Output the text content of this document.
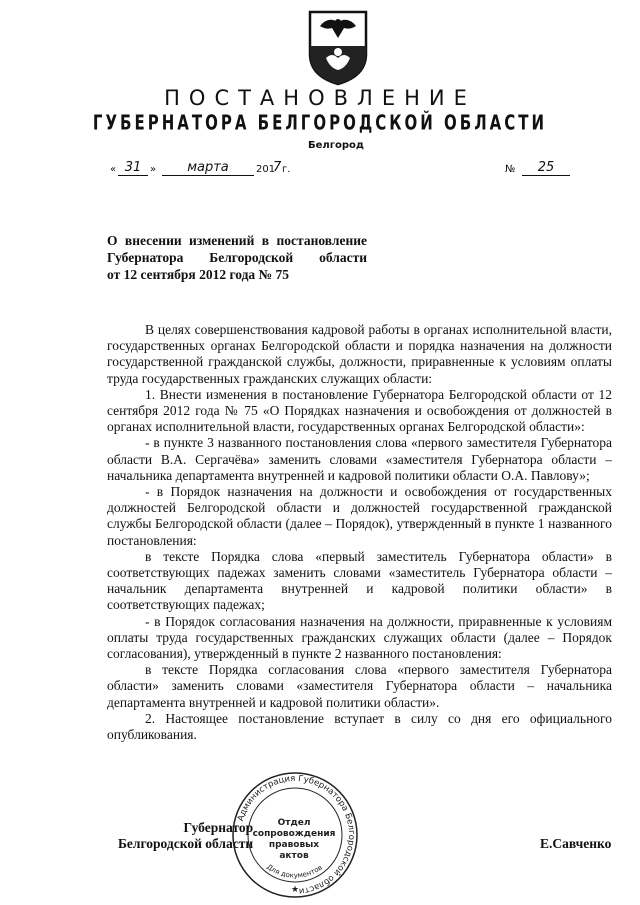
ПОСТАНОВЛЕНИЕ
ГУБЕРНАТОРА БЕЛГОРОДСКОЙ ОБЛАСТИ
Белгород
« 31 »	марта	201
7 г.	№	25
О внесении изменений в постановление
Губернатора Белгородской области
от 12 сентября 2012 года № 75

В целях совершенствования кадровой работы в органах исполнительной власти, государственных органах Белгородской области и порядка назначения на должности государственной гражданской службы, должности, приравненные к условиям оплаты труда государственных гражданских служащих области:

1. Внести изменения в постановление Губернатора Белгородской области от 12 сентября 2012 года № 75 «О Порядках назначения и освобождения от должностей в органах исполнительной власти, государственных органах Белгородской области»:

- в пункте 3 названного постановления слова «первого заместителя Губернатора области В.А. Сергачёва» заменить словами «заместителя Губернатора области – начальника департамента внутренней и кадровой политики области О.А. Павлову»;

- в Порядок назначения на должности и освобождения от государственных должностей Белгородской области и должностей государственной гражданской службы Белгородской области (далее – Порядок), утвержденный в пункте 1 названного постановления:

в тексте Порядка слова «первый заместитель Губернатора области» в соответствующих падежах заменить словами «заместитель Губернатора области – начальник департамента внутренней и кадровой политики области» в соответствующих падежах;

- в Порядок согласования назначения на должности, приравненные к условиям оплаты труда государственных гражданских служащих области (далее – Порядок согласования), утвержденный в пункте 2 названного постановления:

в тексте Порядка согласования слова «первого заместителя Губернатора области» заменить словами «заместителя Губернатора области – начальника департамента внутренней и кадровой политики области».

2. Настоящее постановление вступает в силу со дня его официального опубликования.

Губернатор
Белгородской области	Е.Савченко
Администрация Губернатора Белгородской области
Для документов
★
Отдел
сопровождения
правовых
актов
